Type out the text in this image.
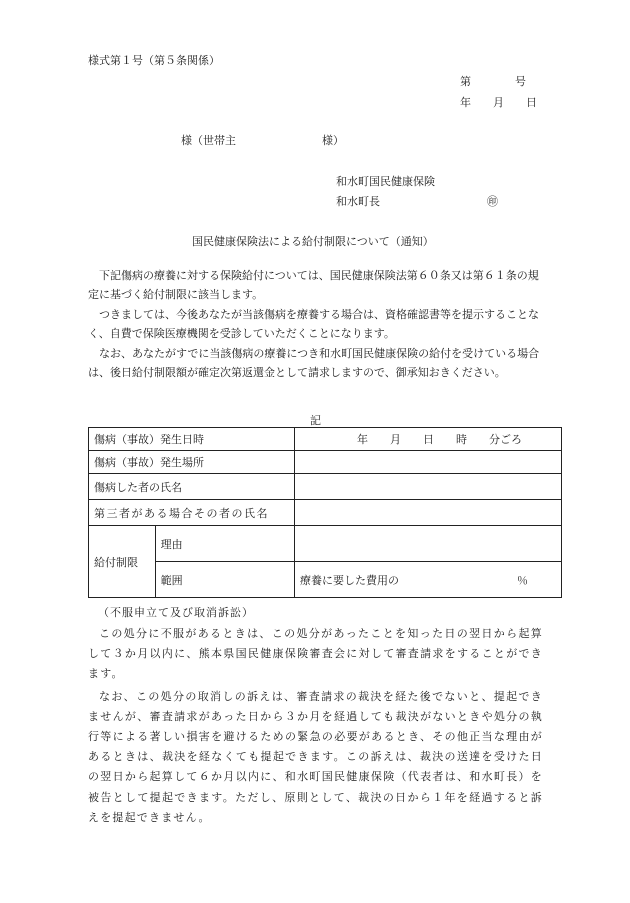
様式第１号（第５条関係）
第　　　　号
年　　月　　日
様（世帯主	様）
和水町国民健康保険
和水町長	㊞
国民健康保険法による給付制限について（通知）

下記傷病の療養に対する保険給付については、国民健康保険法第６０条又は第６１条の規定に基づく給付制限に該当します。

つきましては、今後あなたが当該傷病を療養する場合は、資格確認書等を提示することなく、自費で保険医療機関を受診していただくことになります。

なお、あなたがすでに当該傷病の療養につき和水町国民健康保険の給付を受けている場合は、後日給付制限額が確定次第返還金として請求しますので、御承知おきください。

記
傷病（事故）発生日時		年　　月　　日　　時　　分ごろ
傷病（事故）発生場所		
傷病した者の氏名		
第三者がある場合その者の氏名		
給付制限	理由	
	範囲	療養に要した費用の ％
（不服申立て及び取消訴訟）

この処分に不服があるときは、この処分があったことを知った日の翌日から起算して３か月以内に、熊本県国民健康保険審査会に対して審査請求をすることができます。

なお、この処分の取消しの訴えは、審査請求の裁決を経た後でないと、提起できませんが、審査請求があった日から３か月を経過しても裁決がないときや処分の執行等による著しい損害を避けるための緊急の必要があるとき、その他正当な理由があるときは、裁決を経なくても提起できます。この訴えは、裁決の送達を受けた日の翌日から起算して６か月以内に、和水町国民健康保険（代表者は、和水町長）を被告として提起できます。ただし、原則として、裁決の日から１年を経過すると訴えを提起できません。
